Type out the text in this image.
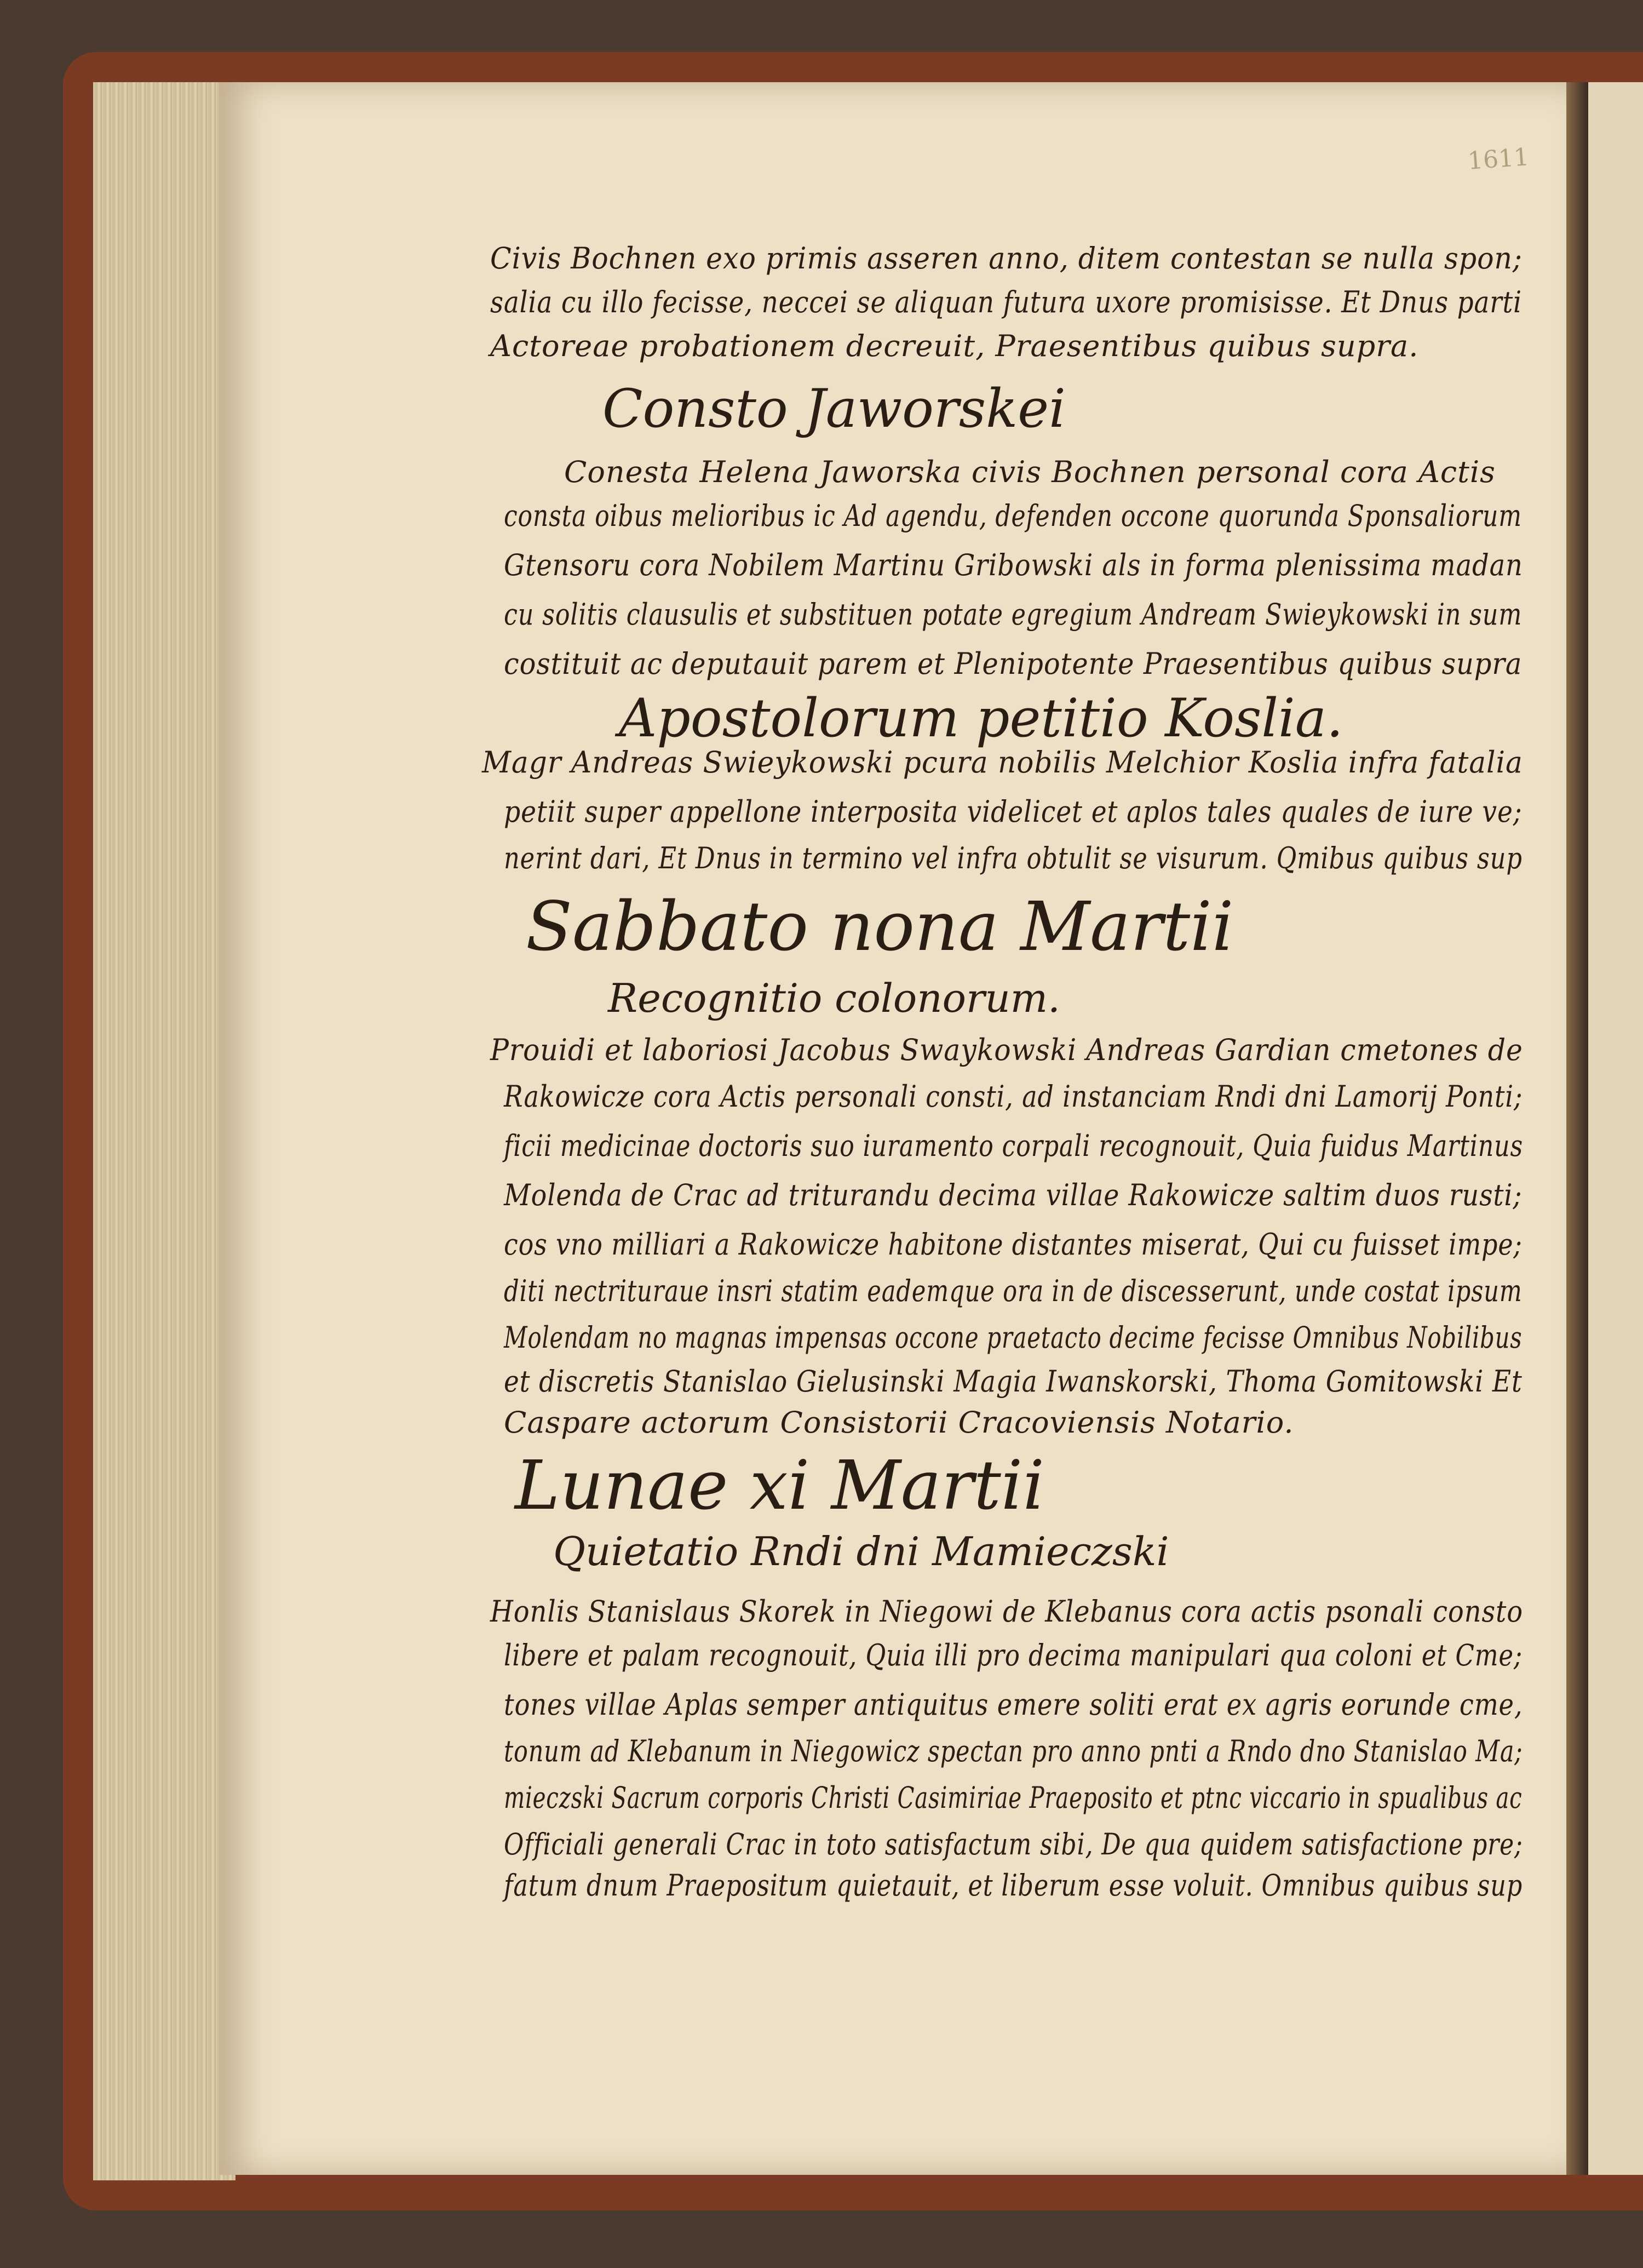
1611
Civis Bochnen exo primis asseren anno, ditem contestan se nulla spon;
salia cu illo fecisse, neccei se aliquan futura uxore promisisse. Et Dnus parti
Actoreae probationem decreuit, Praesentibus quibus supra.
Consto Jaworskei
Conesta Helena Jaworska civis Bochnen personal cora Actis
consta oibus melioribus ic Ad agendu, defenden occone quorunda Sponsaliorum
Gtensoru cora Nobilem Martinu Gribowski als in forma plenissima madan
cu solitis clausulis et substituen potate egregium Andream Swieykowski in sum
costituit ac deputauit parem et Plenipotente Praesentibus quibus supra
Apostolorum petitio Koslia.
Magr Andreas Swieykowski pcura nobilis Melchior Koslia infra fatalia
petiit super appellone interposita videlicet et aplos tales quales de iure ve;
nerint dari, Et Dnus in termino vel infra obtulit se visurum. Qmibus quibus sup
Sabbato nona Martii
Recognitio colonorum.
Prouidi et laboriosi Jacobus Swaykowski Andreas Gardian cmetones de
Rakowicze cora Actis personali consti, ad instanciam Rndi dni Lamorij Ponti;
ficii medicinae doctoris suo iuramento corpali recognouit, Quia fuidus Martinus
Molenda de Crac ad triturandu decima villae Rakowicze saltim duos rusti;
cos vno milliari a Rakowicze habitone distantes miserat, Qui cu fuisset impe;
diti nectrituraue insri statim eademque ora in de discesserunt, unde costat ipsum
Molendam no magnas impensas occone praetacto decime fecisse Omnibus Nobilibus
et discretis Stanislao Gielusinski Magia Iwanskorski, Thoma Gomitowski Et
Caspare actorum Consistorii Cracoviensis Notario.
Lunae xi Martii
Quietatio Rndi dni Mamieczski
Honlis Stanislaus Skorek in Niegowi de Klebanus cora actis psonali consto
libere et palam recognouit, Quia illi pro decima manipulari qua coloni et Cme;
tones villae Aplas semper antiquitus emere soliti erat ex agris eorunde cme,
tonum ad Klebanum in Niegowicz spectan pro anno pnti a Rndo dno Stanislao Ma;
mieczski Sacrum corporis Christi Casimiriae Praeposito et ptnc viccario in spualibus ac
Officiali generali Crac in toto satisfactum sibi, De qua quidem satisfactione pre;
fatum dnum Praepositum quietauit, et liberum esse voluit. Omnibus quibus sup
